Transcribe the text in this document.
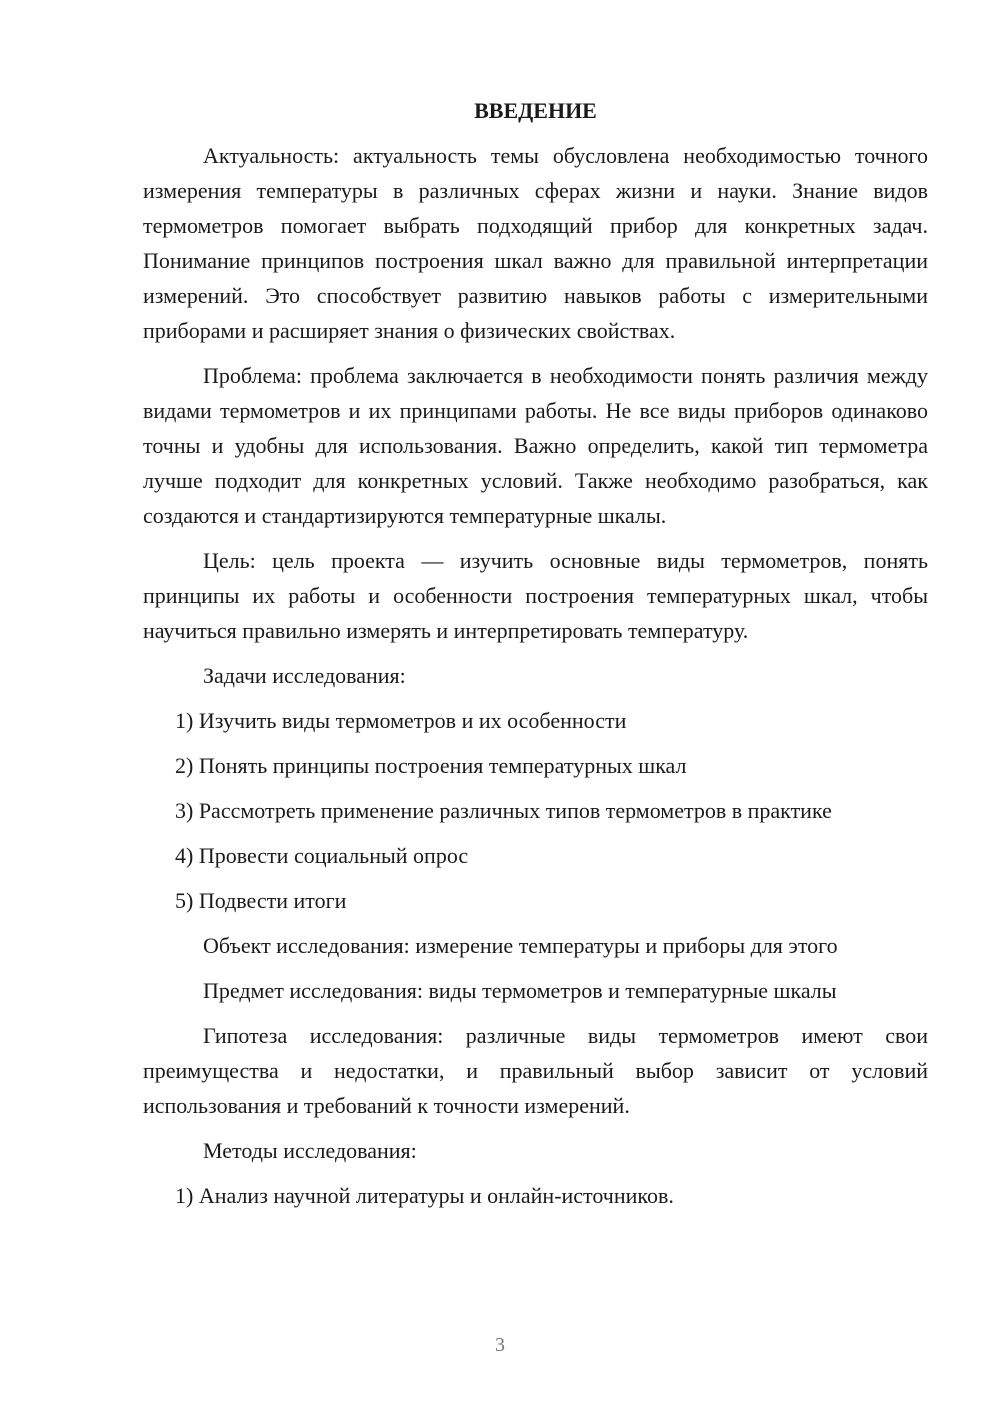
ВВЕДЕНИЕ

Актуальность: актуальность темы обусловлена необходимостью точного измерения температуры в различных сферах жизни и науки. Знание видов термометров помогает выбрать подходящий прибор для конкретных задач. Понимание принципов построения шкал важно для правильной интерпретации измерений. Это способствует развитию навыков работы с измерительными приборами и расширяет знания о физических свойствах.

Проблема: проблема заключается в необходимости понять различия между видами термометров и их принципами работы. Не все виды приборов одинаково точны и удобны для использования. Важно определить, какой тип термометра лучше подходит для конкретных условий. Также необходимо разобраться, как создаются и стандартизируются температурные шкалы.

Цель: цель проекта — изучить основные виды термометров, понять принципы их работы и особенности построения температурных шкал, чтобы научиться правильно измерять и интерпретировать температуру.

Задачи исследования:
1) Изучить виды термометров и их особенности
2) Понять принципы построения температурных шкал
3) Рассмотреть применение различных типов термометров в практике
4) Провести социальный опрос
5) Подвести итоги
Объект исследования: измерение температуры и приборы для этого
Предмет исследования: виды термометров и температурные шкалы

Гипотеза исследования: различные виды термометров имеют свои преимущества и недостатки, и правильный выбор зависит от условий использования и требований к точности измерений.

Методы исследования:
1) Анализ научной литературы и онлайн-источников.
3
